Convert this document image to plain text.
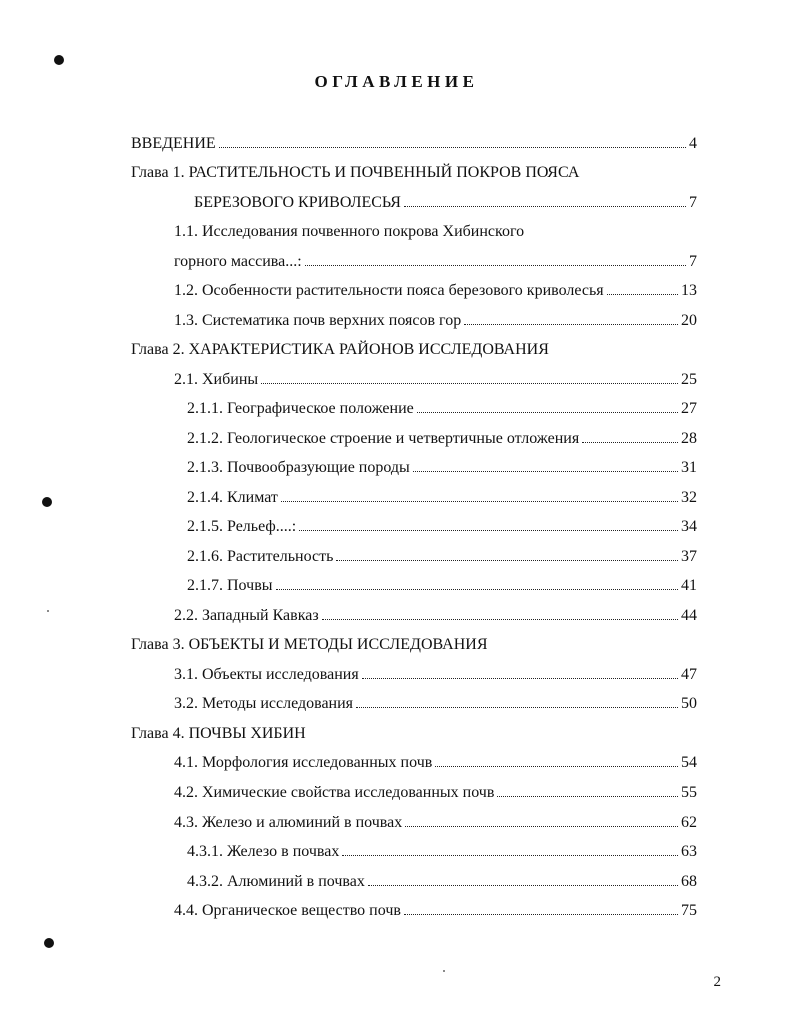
ОГЛАВЛЕНИЕ
ВВЕДЕНИЕ	4
Глава 1. РАСТИТЕЛЬНОСТЬ И ПОЧВЕННЫЙ ПОКРОВ ПОЯСА
БЕРЕЗОВОГО КРИВОЛЕСЬЯ	7
1.1. Исследования почвенного покрова Хибинского
горного массива...:	7
1.2. Особенности растительности пояса березового криволесья	13
1.3. Систематика почв верхних поясов гор	20
Глава 2. ХАРАКТЕРИСТИКА РАЙОНОВ ИССЛЕДОВАНИЯ
2.1. Хибины	25
2.1.1. Географическое положение	27
2.1.2. Геологическое строение и четвертичные отложения	28
2.1.3. Почвообразующие породы	31
2.1.4. Климат	32
2.1.5. Рельеф....:	34
2.1.6. Растительность	37
2.1.7. Почвы	41
2.2. Западный Кавказ	44
Глава 3. ОБЪЕКТЫ И МЕТОДЫ ИССЛЕДОВАНИЯ
3.1. Объекты исследования	47
3.2. Методы исследования	50
Глава 4. ПОЧВЫ ХИБИН
4.1. Морфология исследованных почв	54
4.2. Химические свойства исследованных почв	55
4.3. Железо и алюминий в почвах	62
4.3.1. Железо в почвах	63
4.3.2. Алюминий в почвах	68
4.4. Органическое вещество почв	75
2
